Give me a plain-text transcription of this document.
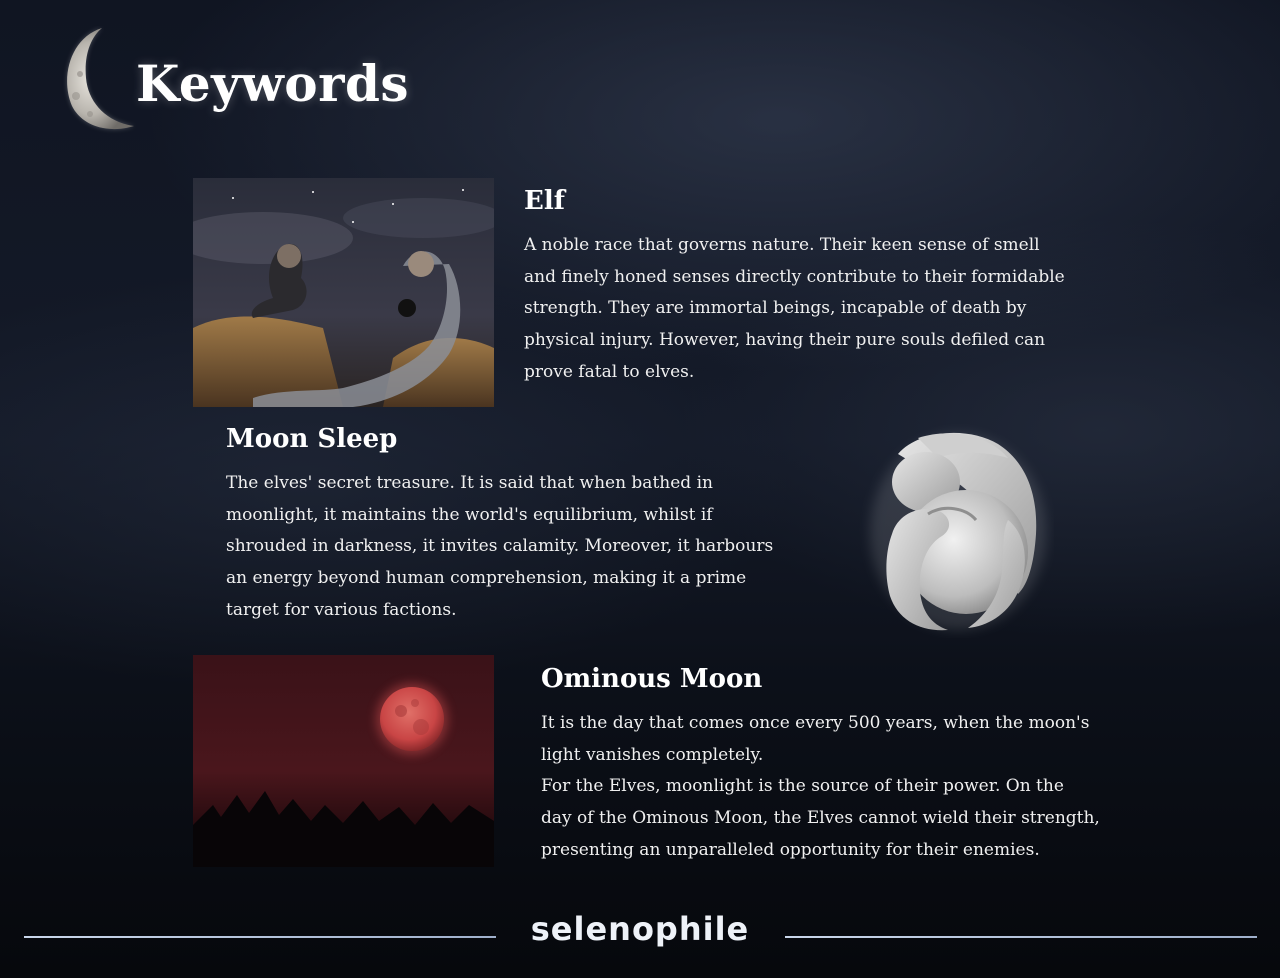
Keywords
Elf

A noble race that governs nature. Their keen sense of smell
and finely honed senses directly contribute to their formidable
strength. They are immortal beings, incapable of death by
physical injury. However, having their pure souls defiled can
prove fatal to elves.

Moon Sleep

The elves' secret treasure. It is said that when bathed in
moonlight, it maintains the world's equilibrium, whilst if
shrouded in darkness, it invites calamity. Moreover, it harbours
an energy beyond human comprehension, making it a prime
target for various factions.

Ominous Moon

It is the day that comes once every 500 years, when the moon's
light vanishes completely.
For the Elves, moonlight is the source of their power. On the
day of the Ominous Moon, the Elves cannot wield their strength,
presenting an unparalleled opportunity for their enemies.

selenophile
